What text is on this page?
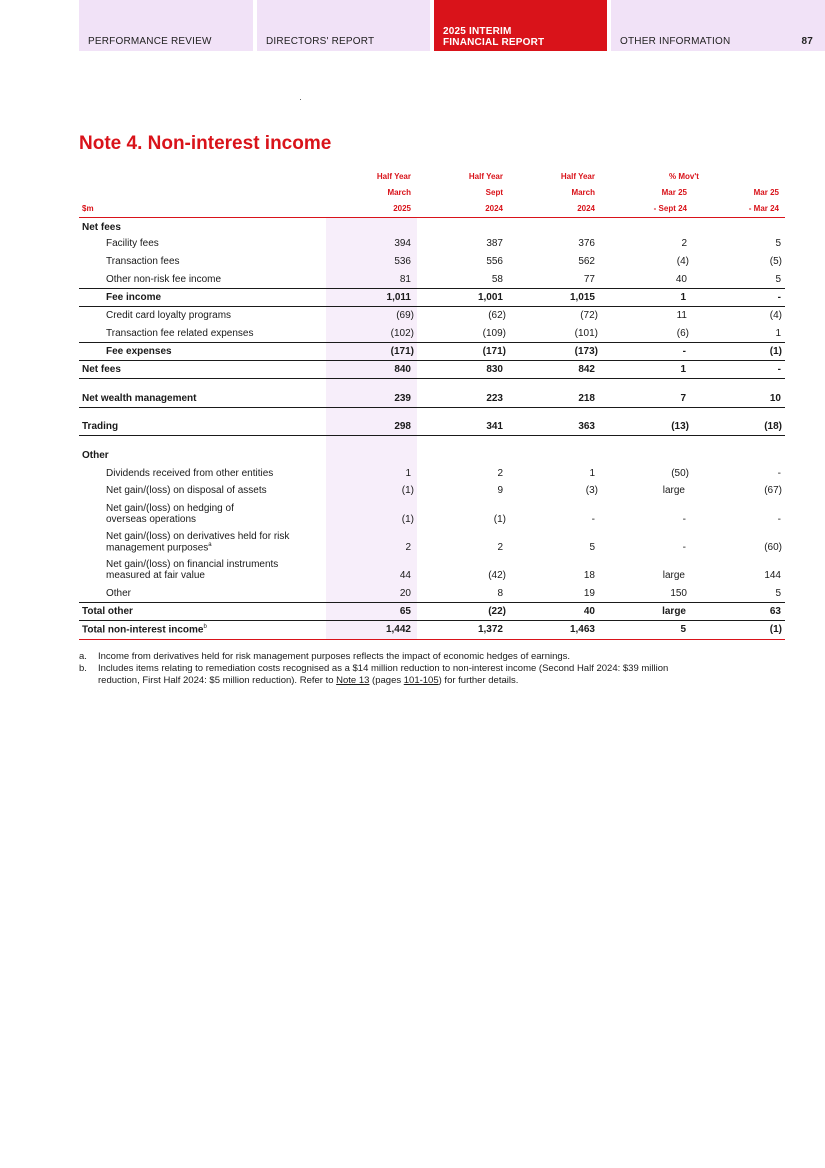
PERFORMANCE REVIEW	DIRECTORS' REPORT
2025 INTERIM
FINANCIAL REPORT	OTHER INFORMATION	87
Note 4. Non-interest income
Half Year	Half Year	Half Year	% Mov't
March	Sept	March	Mar 25	Mar 25
$m	2025	2024	2024	- Sept 24	- Mar 24
Net fees
Facility fees	394	387	376	2	5
Transaction fees	536	556	562	(4)	(5)
Other non-risk fee income	81	58	77	40	5
Fee income	1,011	1,001	1,015	1	-
Credit card loyalty programs	(69)	(62)	(72)	11	(4)
Transaction fee related expenses	(102)	(109)	(101)	(6)	1
Fee expenses	(171)	(171)	(173)	-	(1)
Net fees	840	830	842	1	-
Net wealth management	239	223	218	7	10
Trading	298	341	363	(13)	(18)
Other
Dividends received from other entities	1	2	1	(50)	-
Net gain/(loss) on disposal of assets	(1)	9	(3)	large	(67)
Net gain/(loss) on hedging of
overseas operations	(1)	(1)	-	-	-
Net gain/(loss) on derivatives held for risk
management purposes$^a$	2	2	5	-	(60)
Net gain/(loss) on financial instruments
measured at fair value	44	(42)	18	large	144
Other	20	8	19	150	5
Total other	65	(22)	40	large	63
Total non-interest income$^b$	1,442	1,372	1,463	5	(1)
a. Income from derivatives held for risk management purposes reflects the impact of economic hedges of earnings.
b. Includes items relating to remediation costs recognised as a $14 million reduction to non-interest income (Second Half 2024: $39 million
reduction, First Half 2024: $5 million reduction). Refer to Note 13 (pages 101-105) for further details.
